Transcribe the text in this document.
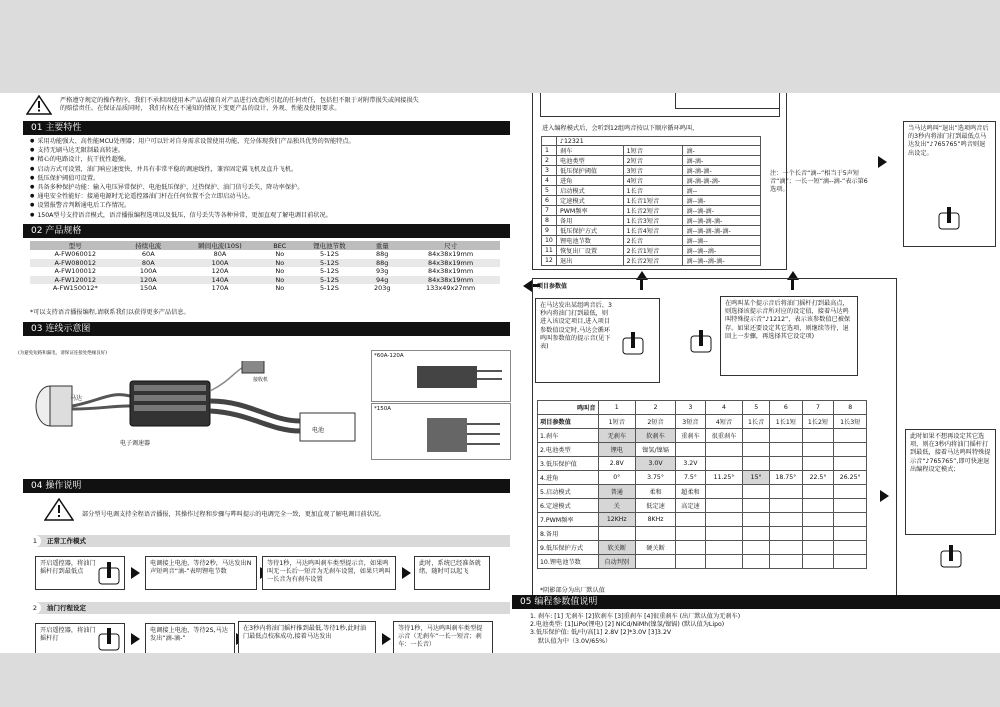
严格遵守规定的操作程序。我们不承担因使用本产品或擅自对产品进行改造所引起的任何责任，包括但不限于对附带损失或间接损失
的赔偿责任。在保证品质同时， 我们有权在不通知的情况下变更产品的设计、外观、性能及使用要求。
01 主要特性
● 采用功能强大、高性能MCU处理器；用户可以针对自身需求设置使用功能，充分体现我们产品独具优势的智能特点。
● 支持无刷马达无限制最高转速。
● 精心的电路设计，抗干扰性超强。
● 启动方式可设置，油门响应速度快，并具有非常平稳的调速线性，兼容固定翼飞机及直升飞机。
● 低压保护阈值可设置。
● 具备多种保护功能：输入电压异常保护、电池低压保护、过热保护、油门信号丢失，降功率保护。
● 通电安全性能好：接通电源时无论遥控器油门杆在任何位置不会立即启动马达。
● 设置报警音判断通电后工作情况。
● 150A型号支持语音模式，语音播报编程选项以及低压，信号丢失等各种异常，更加直观了解电调目前状况。
02 产品规格
型号	持续电流	瞬间电流(10S)	BEC	锂电池节数	重量	尺寸
A-FW060012	60A	80A	No	5-12S	88g	84x38x19mm
A-FW080012	80A	100A	No	5-12S	88g	84x38x19mm
A-FW100012	100A	120A	No	5-12S	93g	84x38x19mm
A-FW120012	120A	140A	No	5-12S	94g	84x38x19mm
A-FW150012*	150A	170A	No	5-12S	203g	133x49x27mm
*可以支持语音播报编程,请联系我们以获得更多产品信息。
03 连线示意图
(为避免短路和漏电，请保证连接处绝缘良好)
马达
电子调速器
接收机
电池
*60A-120A
*150A
04 操作说明
部分型号电调支持全程语音播报，其操作过程和步骤与哔叫提示的电调完全一致，更加直观了解电调目前状况。
1 正常工作模式
开启遥控器，将油门摇杆打到最低点
电调接上电池，等待2秒，马达发出N声短鸣音“滴-”表明锂电节数
等待1秒，马达鸣叫刹车类型提示音，如果鸣叫无一长后一短音为无刹车设置，如果只鸣叫一长音为有刹车设置
此时，系统已经准备就绪，随时可以起飞
2 油门行程设定
开启遥控器，将油门摇杆打
电调接上电池，等待2S,马达发出“滴-滴-”
在3秒内将油门摇杆推到最低,等待1秒,此时油门最低点校准成功,接着马达发出
等待1秒，马达鸣叫刹车类型提示音（无刹车“一长一短音；刹车：一长音）
进入编程模式后，会听到12组鸣音按以下顺序循环鸣叫，
	♪12321		
1	刹车	1短音	滴-
2	电池类型	2短音	滴-滴-
3	低压保护阈值	3短音	滴-滴-滴-
4	进角	4短音	滴-滴-滴-滴-
5	启动模式	1长音	滴--
6	定速模式	1长音1短音	滴--滴-
7	PWM频率	1长音2短音	滴--滴-滴-
8	备用	1长音3短音	滴--滴-滴-滴-
9	低压保护方式	1长音4短音	滴--滴-滴-滴-滴-
10	锂电池节数	2长音	滴--滴--
11	恢复出厂设置	2长音1短音	滴--滴--滴-
12	退出	2长音2短音	滴--滴--滴-滴-
注：一个长音“滴--”相当于5声短音“滴”；一长一短“滴--滴-”表示第6选项。
当马达鸣叫“退出”选项鸣音后的3秒内将油门打到最低点马达发出“♪765765”鸣音则退出设定。
项目参数值
在马达发出某组鸣音后，3秒内将油门打到最低，则进入该设定项目,进入项目参数值设定时,马达会循环鸣叫参数值的提示音(见下表)
在鸣叫某个提示音后将油门摇杆打到最高点，则选择该提示音所对应的设定值，接着马达鸣叫特殊提示音“♪1212”，表示该参数值已被保存。如果还要设定其它选项，则继续等待，退回上一步骤，再选择其它设定项)
鸣叫音	1	2	3	4	5	6	7	8
项目参数值	1短音	2短音	3短音	4短音	1长音	1长1短	1长2短	1长3短
1.刹车	无刹车	软刹车	重刹车	很重刹车				
2.电池类型	锂电	镍氢/镍镉						
3.低压保护值	2.8V	3.0V	3.2V					
4.进角	0°	3.75°	7.5°	11.25°	15°	18.75°	22.5°	26.25°
5.启动模式	普通	柔和	超柔和					
6.定速模式	关	低定速	高定速					
7.PWM频率	12KHz	8KHz						
8.备用								
9.低压保护方式	软关断	硬关断						
10.锂电池节数	自动判别							
*阴影部分为出厂默认值
此时如果不想再设定其它选项，则在3秒内将油门摇杆打到最低，接着马达鸣叫特殊提示音“♪765765”,即可快速退出编程设定模式；
05 编程参数值说明
1. 刹车: [1] 无刹车 [2]软刹车 [3]重刹车 [4]很重刹车 (出厂默认值为无刹车)
2.电池类型: [1]LiPo(锂电) [2] NiCd/NiMh(镍氢/镍镉) (默认值为Lipo)
3.低压保护值: 低/中/高[1] 2.8V [2]*3.0V [3]3.2V
默认值为中（3.0V/65%）
